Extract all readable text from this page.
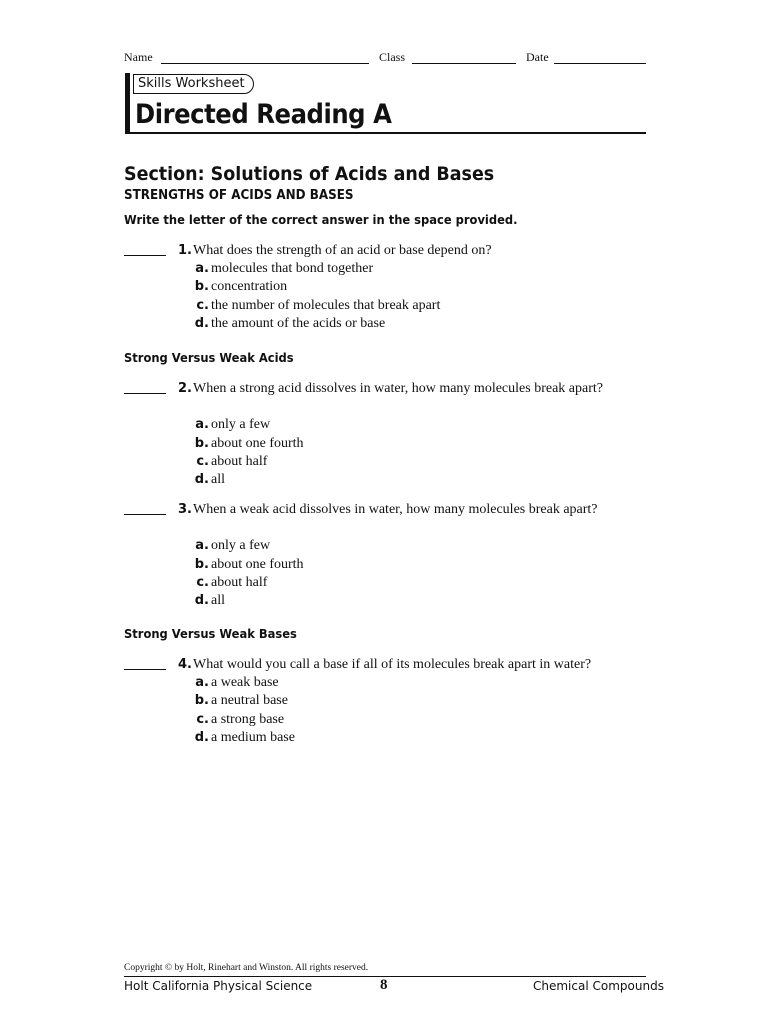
Name	Class	Date
Skills Worksheet
Directed Reading A
Section: Solutions of Acids and Bases
STRENGTHS OF ACIDS AND BASES
Write the letter of the correct answer in the space provided.
1. What does the strength of an acid or base depend on?
a. molecules that bond together
b. concentration
c. the number of molecules that break apart
d. the amount of the acids or base
Strong Versus Weak Acids
2. When a strong acid dissolves in water, how many molecules break apart?
a. only a few
b. about one fourth
c. about half
d. all
3. When a weak acid dissolves in water, how many molecules break apart?
a. only a few
b. about one fourth
c. about half
d. all
Strong Versus Weak Bases
4. What would you call a base if all of its molecules break apart in water?
a. a weak base
b. a neutral base
c. a strong base
d. a medium base
Copyright © by Holt, Rinehart and Winston. All rights reserved.
Holt California Physical Science	8	Chemical Compounds
